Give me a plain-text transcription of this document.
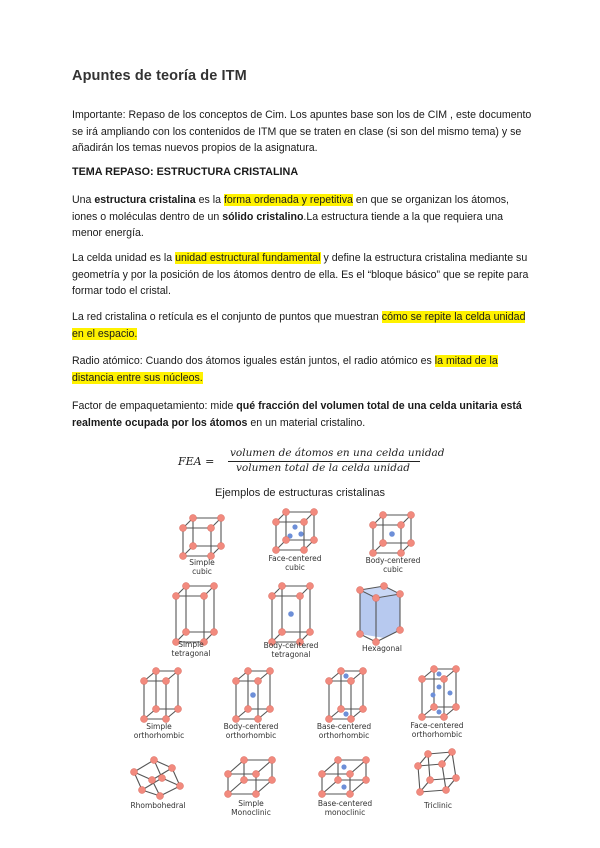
Apuntes de teoría de ITM
Importante: Repaso de los conceptos de Cim. Los apuntes base son los de CIM , este documento se irá ampliando con los contenidos de ITM que se traten en clase (si son del mismo tema) y se añadirán los temas nuevos propios de la asignatura.
TEMA REPASO: ESTRUCTURA CRISTALINA
Una estructura cristalina es la forma ordenada y repetitiva en que se organizan los átomos, iones o moléculas dentro de un sólido cristalino.La estructura tiende a la que requiera una menor energía.
La celda unidad es la unidad estructural fundamental y define la estructura cristalina mediante su geometría y por la posición de los átomos dentro de ella. Es el “bloque básico” que se repite para formar todo el cristal.
La red cristalina o retícula es el conjunto de puntos que muestran cómo se repite la celda unidad en el espacio.
Radio atómico: Cuando dos átomos iguales están juntos, el radio atómico es la mitad de la distancia entre sus núcleos.
Factor de empaquetamiento: mide qué fracción del volumen total de una celda unitaria está realmente ocupada por los átomos en un material cristalino.
FEA =
volumen de átomos en una celda unidad
volumen total de la celda unidad
Ejemplos de estructuras cristalinas
Simple
cubic
Face-centered
cubic
Body-centered
cubic
Simple
tetragonal
Body-centered
tetragonal
Hexagonal
Simple
orthorhombic
Body-centered
orthorhombic
Base-centered
orthorhombic
Face-centered
orthorhombic
Rhombohedral	Simple
Monoclinic
Base-centered
monoclinic
Triclinic
